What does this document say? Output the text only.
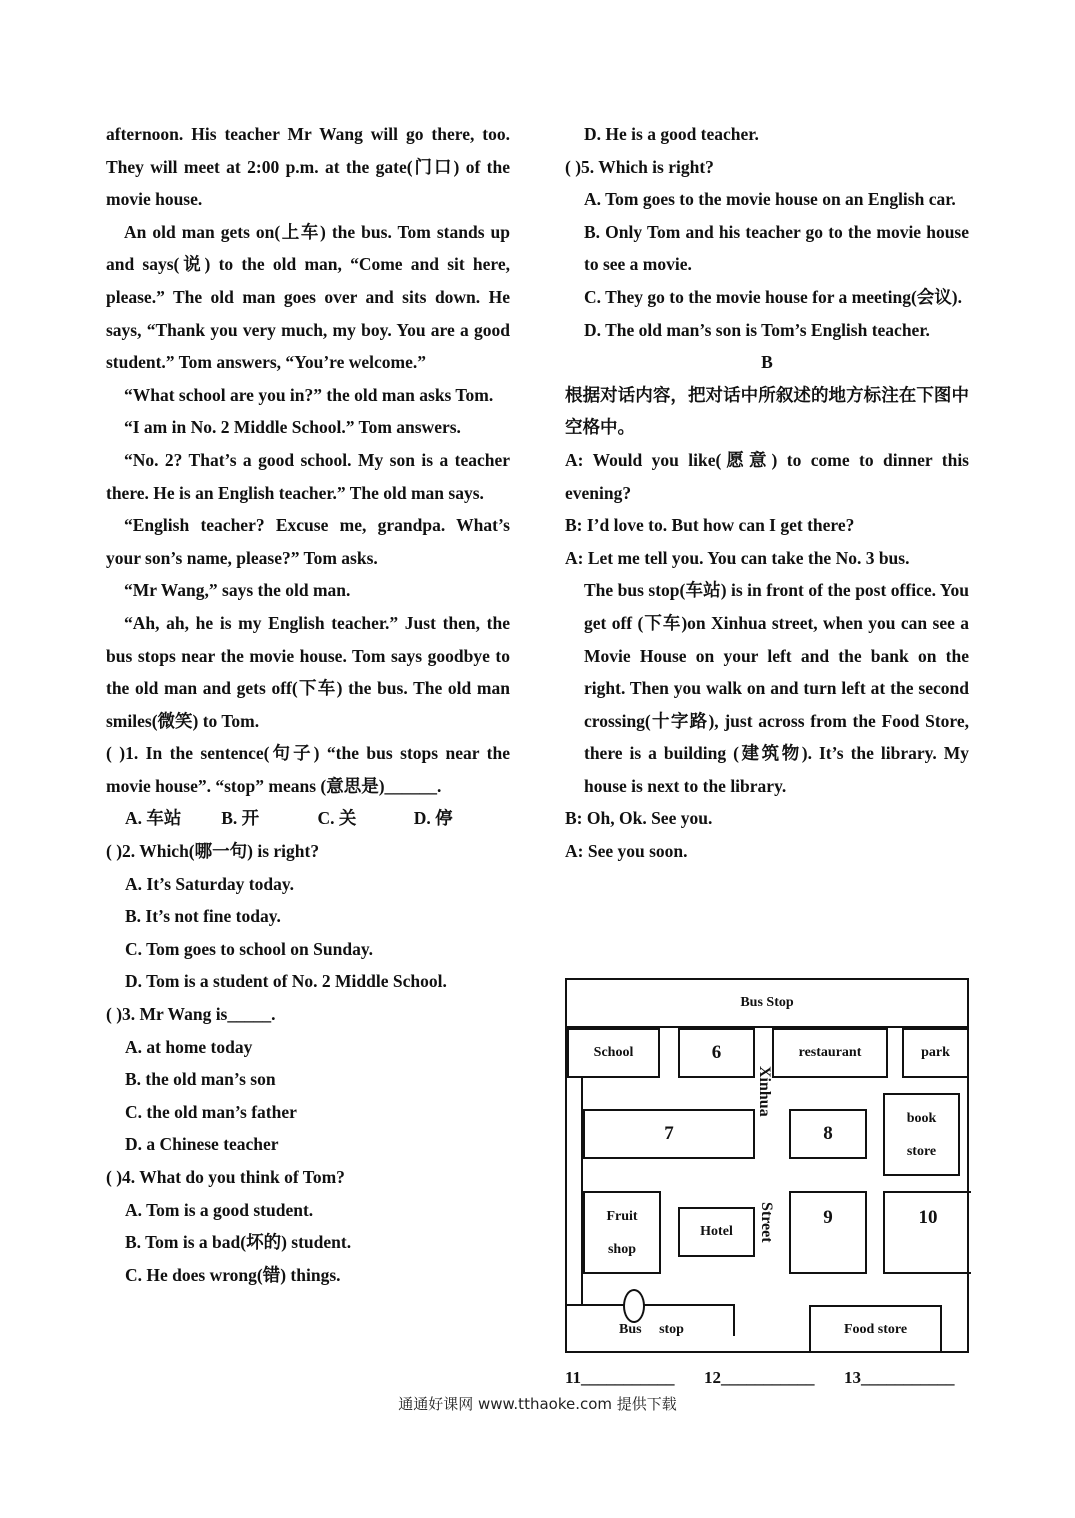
afternoon. His teacher Mr Wang will go there, too. They will meet at 2:00 p.m. at the gate(门口) of the movie house.

An old man gets on(上车) the bus. Tom stands up and says(说) to the old man, “Come and sit here, please.” The old man goes over and sits down. He says, “Thank you very much, my boy. You are a good student.” Tom answers, “You’re welcome.”

“What school are you in?” the old man asks Tom.

“I am in No. 2 Middle School.” Tom answers.

“No. 2? That’s a good school. My son is a teacher there. He is an English teacher.” The old man says.

“English teacher? Excuse me, grandpa. What’s your son’s name, please?” Tom asks.

“Mr Wang,” says the old man.

“Ah, ah, he is my English teacher.” Just then, the bus stops near the movie house. Tom says goodbye to the old man and gets off(下车) the bus. The old man smiles(微笑) to Tom.

( )1. In the sentence(句子) “the bus stops near the movie house”. “stop” means (意思是)______.

A. 车站	B. 开	C. 关	D. 停

( )2. Which(哪一句) is right?

A. It’s Saturday today.

B. It’s not fine today.

C. Tom goes to school on Sunday.

D. Tom is a student of No. 2 Middle School.

( )3. Mr Wang is_____.

A. at home today

B. the old man’s son

C. the old man’s father

D. a Chinese teacher

( )4. What do you think of Tom?

A. Tom is a good student.

B. Tom is a bad(坏的) student.

C. He does wrong(错) things.

D. He is a good teacher.

( )5. Which is right?

A. Tom goes to the movie house on an English car.

B. Only Tom and his teacher go to the movie house to see a movie.

C. They go to the movie house for a meeting(会议).

D. The old man’s son is Tom’s English teacher.

B

根据对话内容，把对话中所叙述的地方标注在下图中空格中。

A: Would you like(愿意) to come to dinner this evening?

B: I’d love to. But how can I get there?

A: Let me tell you. You can take the No. 3 bus.

The bus stop(车站) is in front of the post office. You get off (下车)on Xinhua street, when you can see a Movie House on your left and the bank on the right. Then you walk on and turn left at the second crossing(十字路), just across from the Food Store, there is a building (建筑物). It’s the library. My house is next to the library.

B: Oh, Ok. See you.

A: See you soon.

Bus Stop
School	6	restaurant	park
Xinhua
7	8
book
store
Fruit
shop
Hotel Street	9	10
Bus     stop	Food store
11___________	12___________	13___________
通通好课网 www.tthaoke.com 提供下载
